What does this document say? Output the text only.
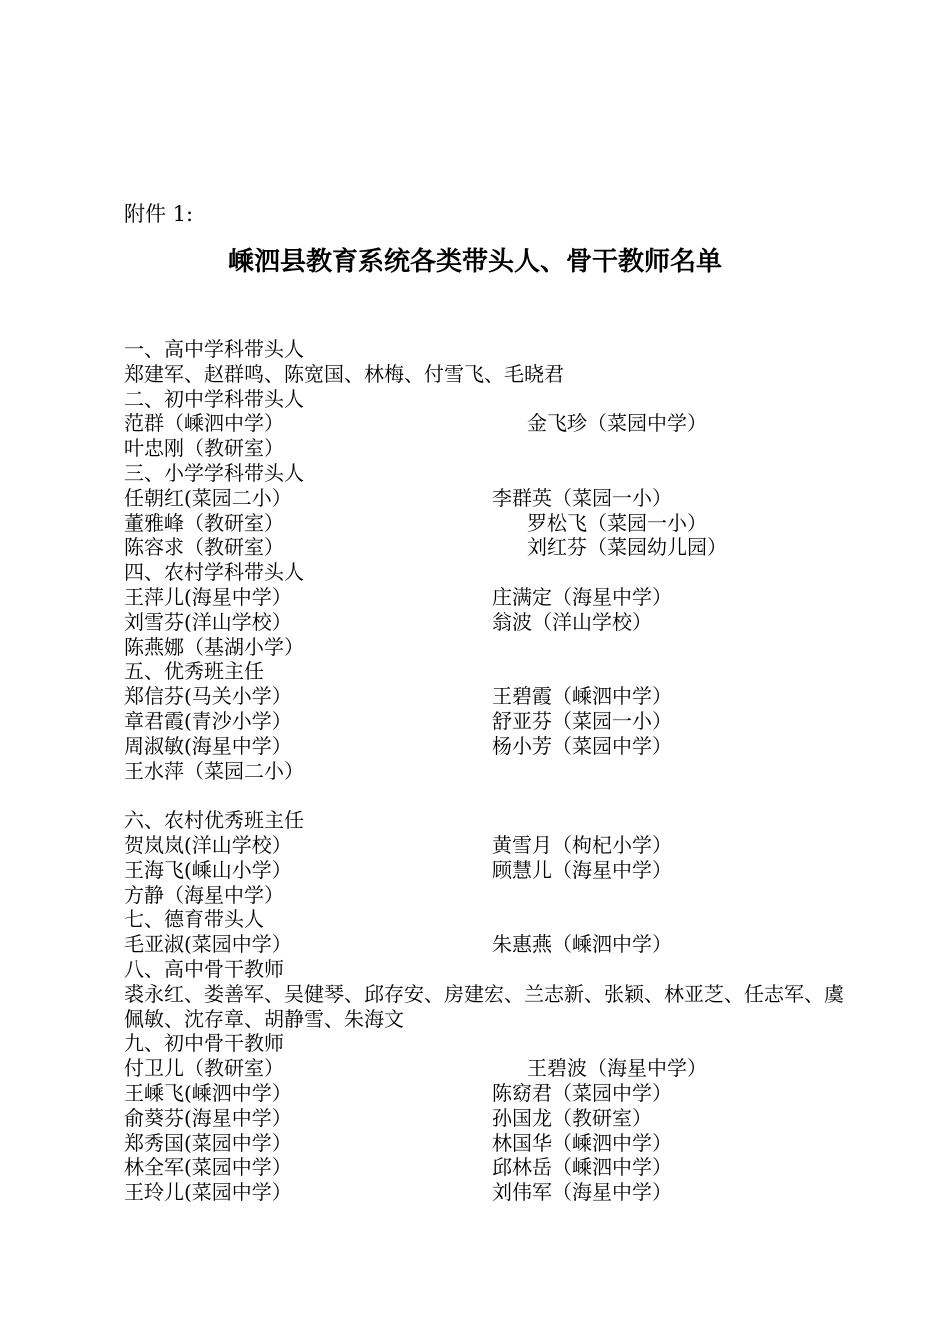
附件 1:
嵊泗县教育系统各类带头人、骨干教师名单
一、高中学科带头人
郑建军、赵群鸣、陈宽国、林梅、付雪飞、毛晓君
二、初中学科带头人
范群（嵊泗中学）	金飞珍（菜园中学）
叶忠刚（教研室）
三、小学学科带头人
任朝红(菜园二小）	李群英（菜园一小）
董雅峰（教研室）	罗松飞（菜园一小）
陈容求（教研室）	刘红芬（菜园幼儿园）
四、农村学科带头人
王萍儿(海星中学）	庄满定（海星中学）
刘雪芬(洋山学校）	翁波（洋山学校）
陈燕娜（基湖小学）
五、优秀班主任
郑信芬(马关小学）	王碧霞（嵊泗中学）
章君霞(青沙小学）	舒亚芬（菜园一小）
周淑敏(海星中学）	杨小芳（菜园中学）
王水萍（菜园二小）
六、农村优秀班主任
贺岚岚(洋山学校）	黄雪月（枸杞小学）
王海飞(嵊山小学）	顾慧儿（海星中学）
方静（海星中学）
七、德育带头人
毛亚淑(菜园中学）	朱惠燕（嵊泗中学）
八、高中骨干教师
裘永红、娄善军、吴健琴、邱存安、房建宏、兰志新、张颖、林亚芝、任志军、虞佩敏、沈存章、胡静雪、朱海文
九、初中骨干教师
付卫儿（教研室）	王碧波（海星中学）
王嵊飞(嵊泗中学）	陈窈君（菜园中学）
俞葵芬(海星中学）	孙国龙（教研室）
郑秀国(菜园中学）	林国华（嵊泗中学）
林全军(菜园中学）	邱林岳（嵊泗中学）
王玲儿(菜园中学）	刘伟军（海星中学）
